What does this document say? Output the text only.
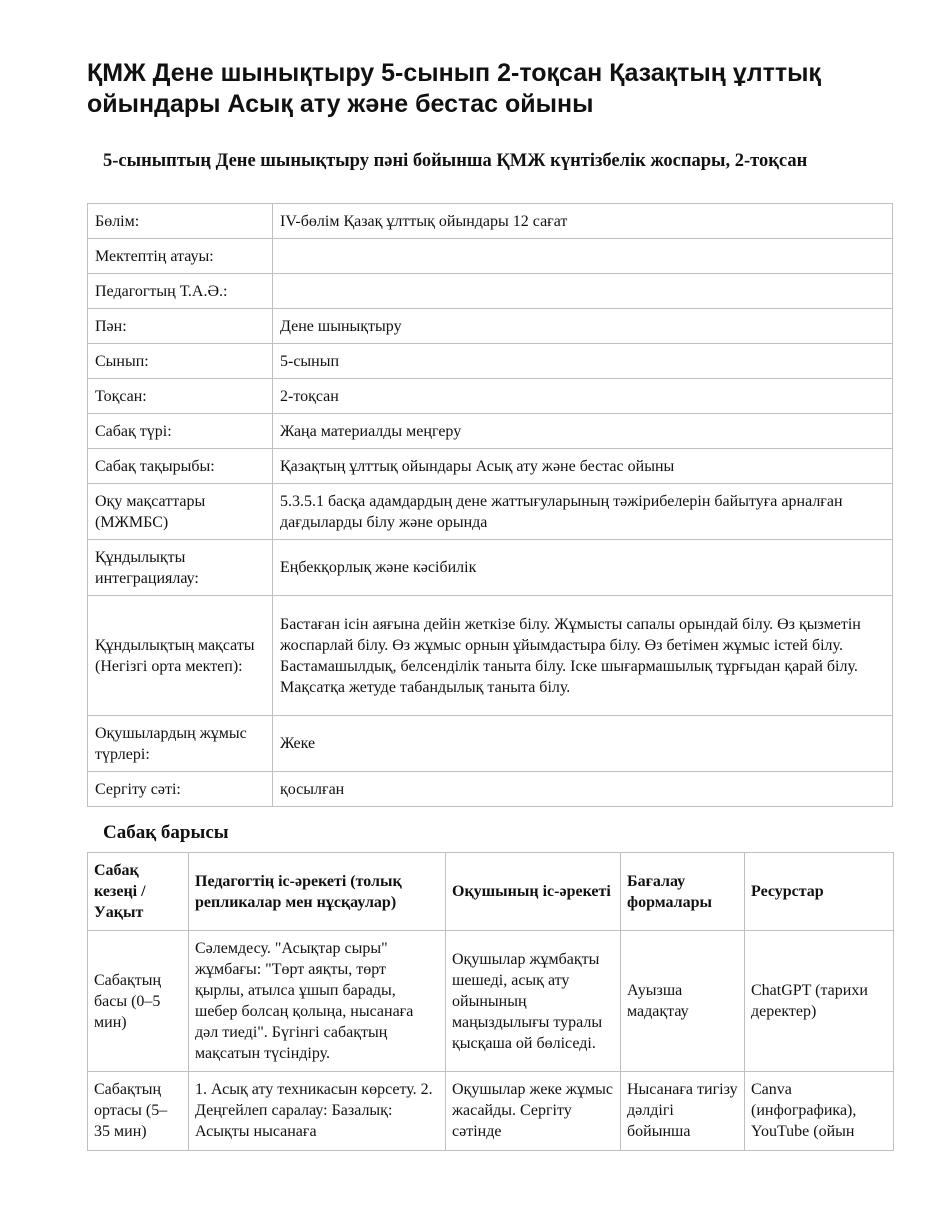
ҚМЖ Дене шынықтыру 5-сынып 2-тоқсан Қазақтың ұлттық ойындары Асық ату және бестас ойыны
5-сыныптың Дене шынықтыру пәні бойынша ҚМЖ күнтізбелік жоспары, 2-тоқсан
Бөлім:	IV-бөлім Қазақ ұлттық ойындары 12 сағат
Мектептің атауы:	
Педагогтың Т.А.Ә.:	
Пән:	Дене шынықтыру
Сынып:	5-сынып
Тоқсан:	2-тоқсан
Сабақ түрі:	Жаңа материалды меңгеру
Сабақ тақырыбы:	Қазақтың ұлттық ойындары Асық ату және бестас ойыны
Оқу мақсаттары (МЖМБС)	5.3.5.1 басқа адамдардың дене жаттығуларының тәжірибелерін байытуға арналған дағдыларды білу және орында
Құндылықты интеграциялау:	Еңбекқорлық және кәсібилік
Құндылықтың мақсаты (Негізгі орта мектеп):	Бастаған ісін аяғына дейін жеткізе білу. Жұмысты сапалы орындай білу. Өз қызметін жоспарлай білу. Өз жұмыс орнын ұйымдастыра білу. Өз бетімен жұмыс істей білу. Бастамашылдық, белсенділік таныта білу. Іске шығармашылық тұрғыдан қарай білу. Мақсатқа жетуде табандылық таныта білу.
Оқушылардың жұмыс түрлері:	Жеке
Сергіту сәті:	қосылған
Сабақ барысы
Сабақ кезеңі / Уақыт	Педагогтің іс-әрекеті (толық репликалар мен нұсқаулар)	Оқушының іс-әрекеті	Бағалау формалары	Ресурстар

Сабақтың басы (0–5 мин)	Сәлемдесу. "Асықтар сыры" жұмбағы: "Төрт аяқты, төрт қырлы, атылса ұшып барады, шебер болсаң қолыңа, нысанаға дәл тиеді". Бүгінгі сабақтың мақсатын түсіндіру.	Оқушылар жұмбақты шешеді, асық ату ойынының маңыздылығы туралы қысқаша ой бөліседі.	Ауызша мадақтау	ChatGPT (тарихи деректер)

Сабақтың ортасы (5–35 мин)	1. Асық ату техникасын көрсету. 2. Деңгейлеп саралау: Базалық: Асықты нысанаға	Оқушылар жеке жұмыс жасайды. Сергіту сәтінде	Нысанаға тигізу дәлдігі бойынша	Canva (инфографика), YouTube (ойын
